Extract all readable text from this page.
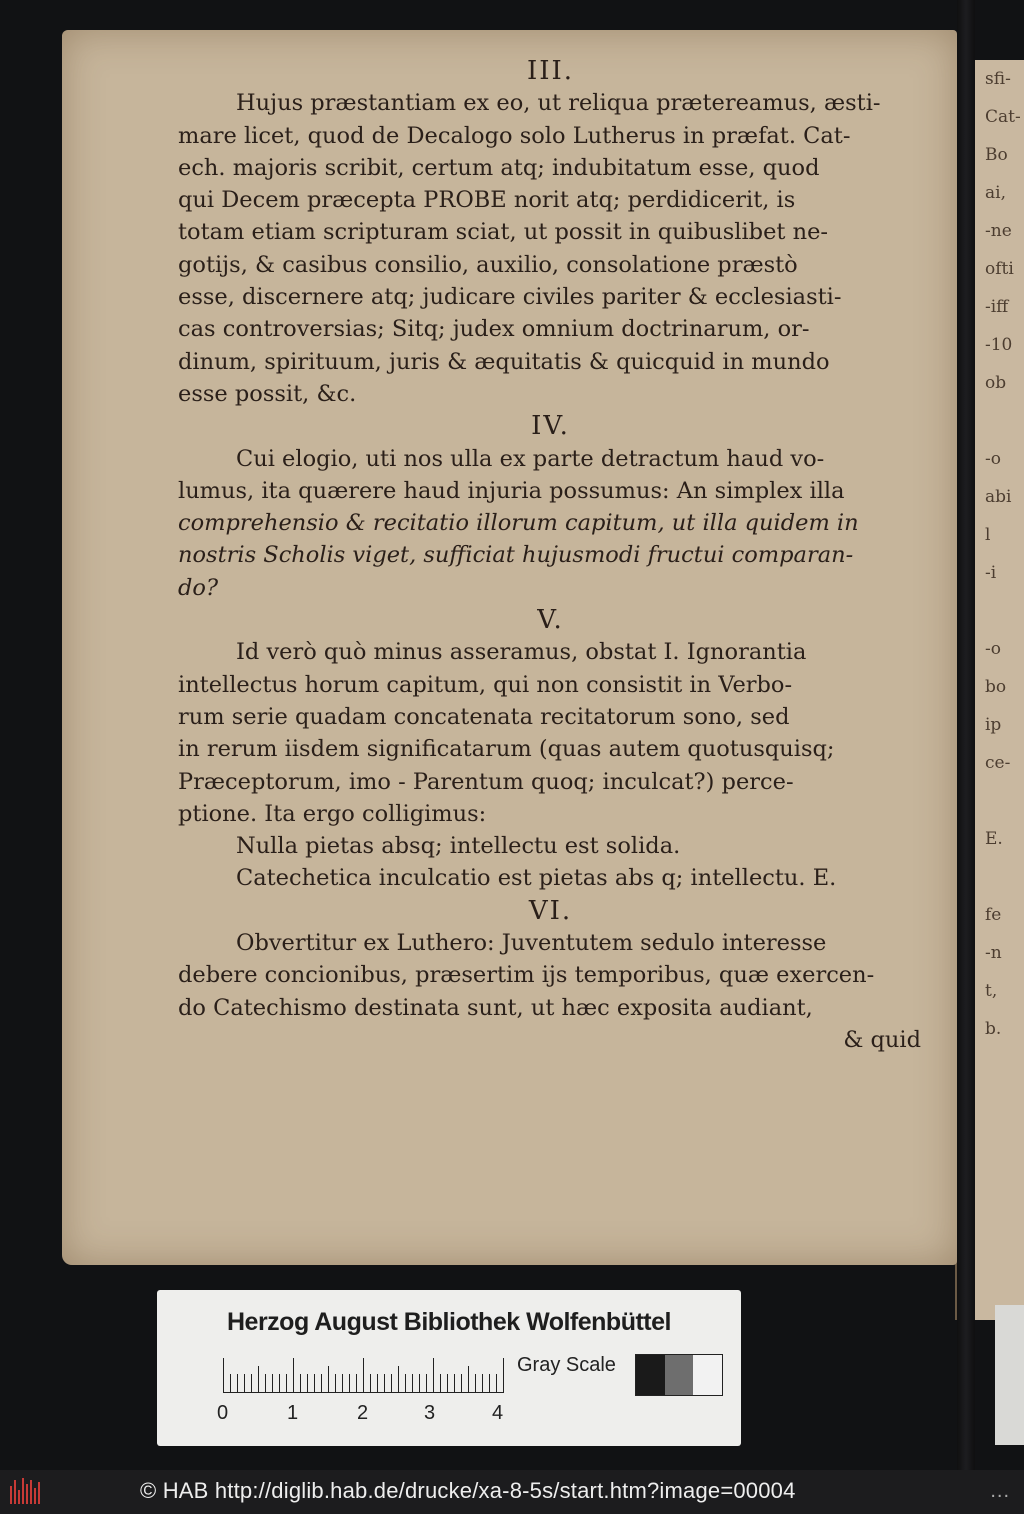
sfi-
Cat-
Bo
ai,
-ne
ofti
-iff
-10
ob
-o
abi
l
-i
-o
bo
ip
ce-
E.
fe
-n
t,
b.
III.
Hujus præstantiam ex eo, ut reliqua prætereamus, æsti-
mare licet, quod de Decalogo solo Lutherus in præfat. Cat-
ech. majoris scribit, certum atq; indubitatum esse, quod
qui Decem præcepta PROBE norit atq; perdidicerit, is
totam etiam scripturam sciat, ut possit in quibuslibet ne-
gotijs, & casibus consilio, auxilio, consolatione præstò
esse, discernere atq; judicare civiles pariter & ecclesiasti-
cas controversias; Sitq; judex omnium doctrinarum, or-
dinum, spirituum, juris & æquitatis & quicquid in mundo
esse possit, &c.
IV.
Cui elogio, uti nos ulla ex parte detractum haud vo-
lumus, ita quærere haud injuria possumus: An simplex illa
comprehensio & recitatio illorum capitum, ut illa quidem in
nostris Scholis viget, sufficiat hujusmodi fructui comparan-
do?
V.
Id verò quò minus asseramus, obstat I. Ignorantia
intellectus horum capitum, qui non consistit in Verbo-
rum serie quadam concatenata recitatorum sono, sed
in rerum iisdem significatarum (quas autem quotusquisq;
Præceptorum, imo - Parentum quoq; inculcat?) perce-
ptione. Ita ergo colligimus:
Nulla pietas absq; intellectu est solida.
Catechetica inculcatio est pietas abs q; intellectu. E.
VI.
Obvertitur ex Luthero: Juventutem sedulo interesse
debere concionibus, præsertim ijs temporibus, quæ exercen-
do Catechismo destinata sunt, ut hæc exposita audiant,
& quid
Herzog August Bibliothek Wolfenbüttel
0	1	2	3	4
Gray Scale
© HAB http://diglib.hab.de/drucke/xa-8-5s/start.htm?image=00004	...
